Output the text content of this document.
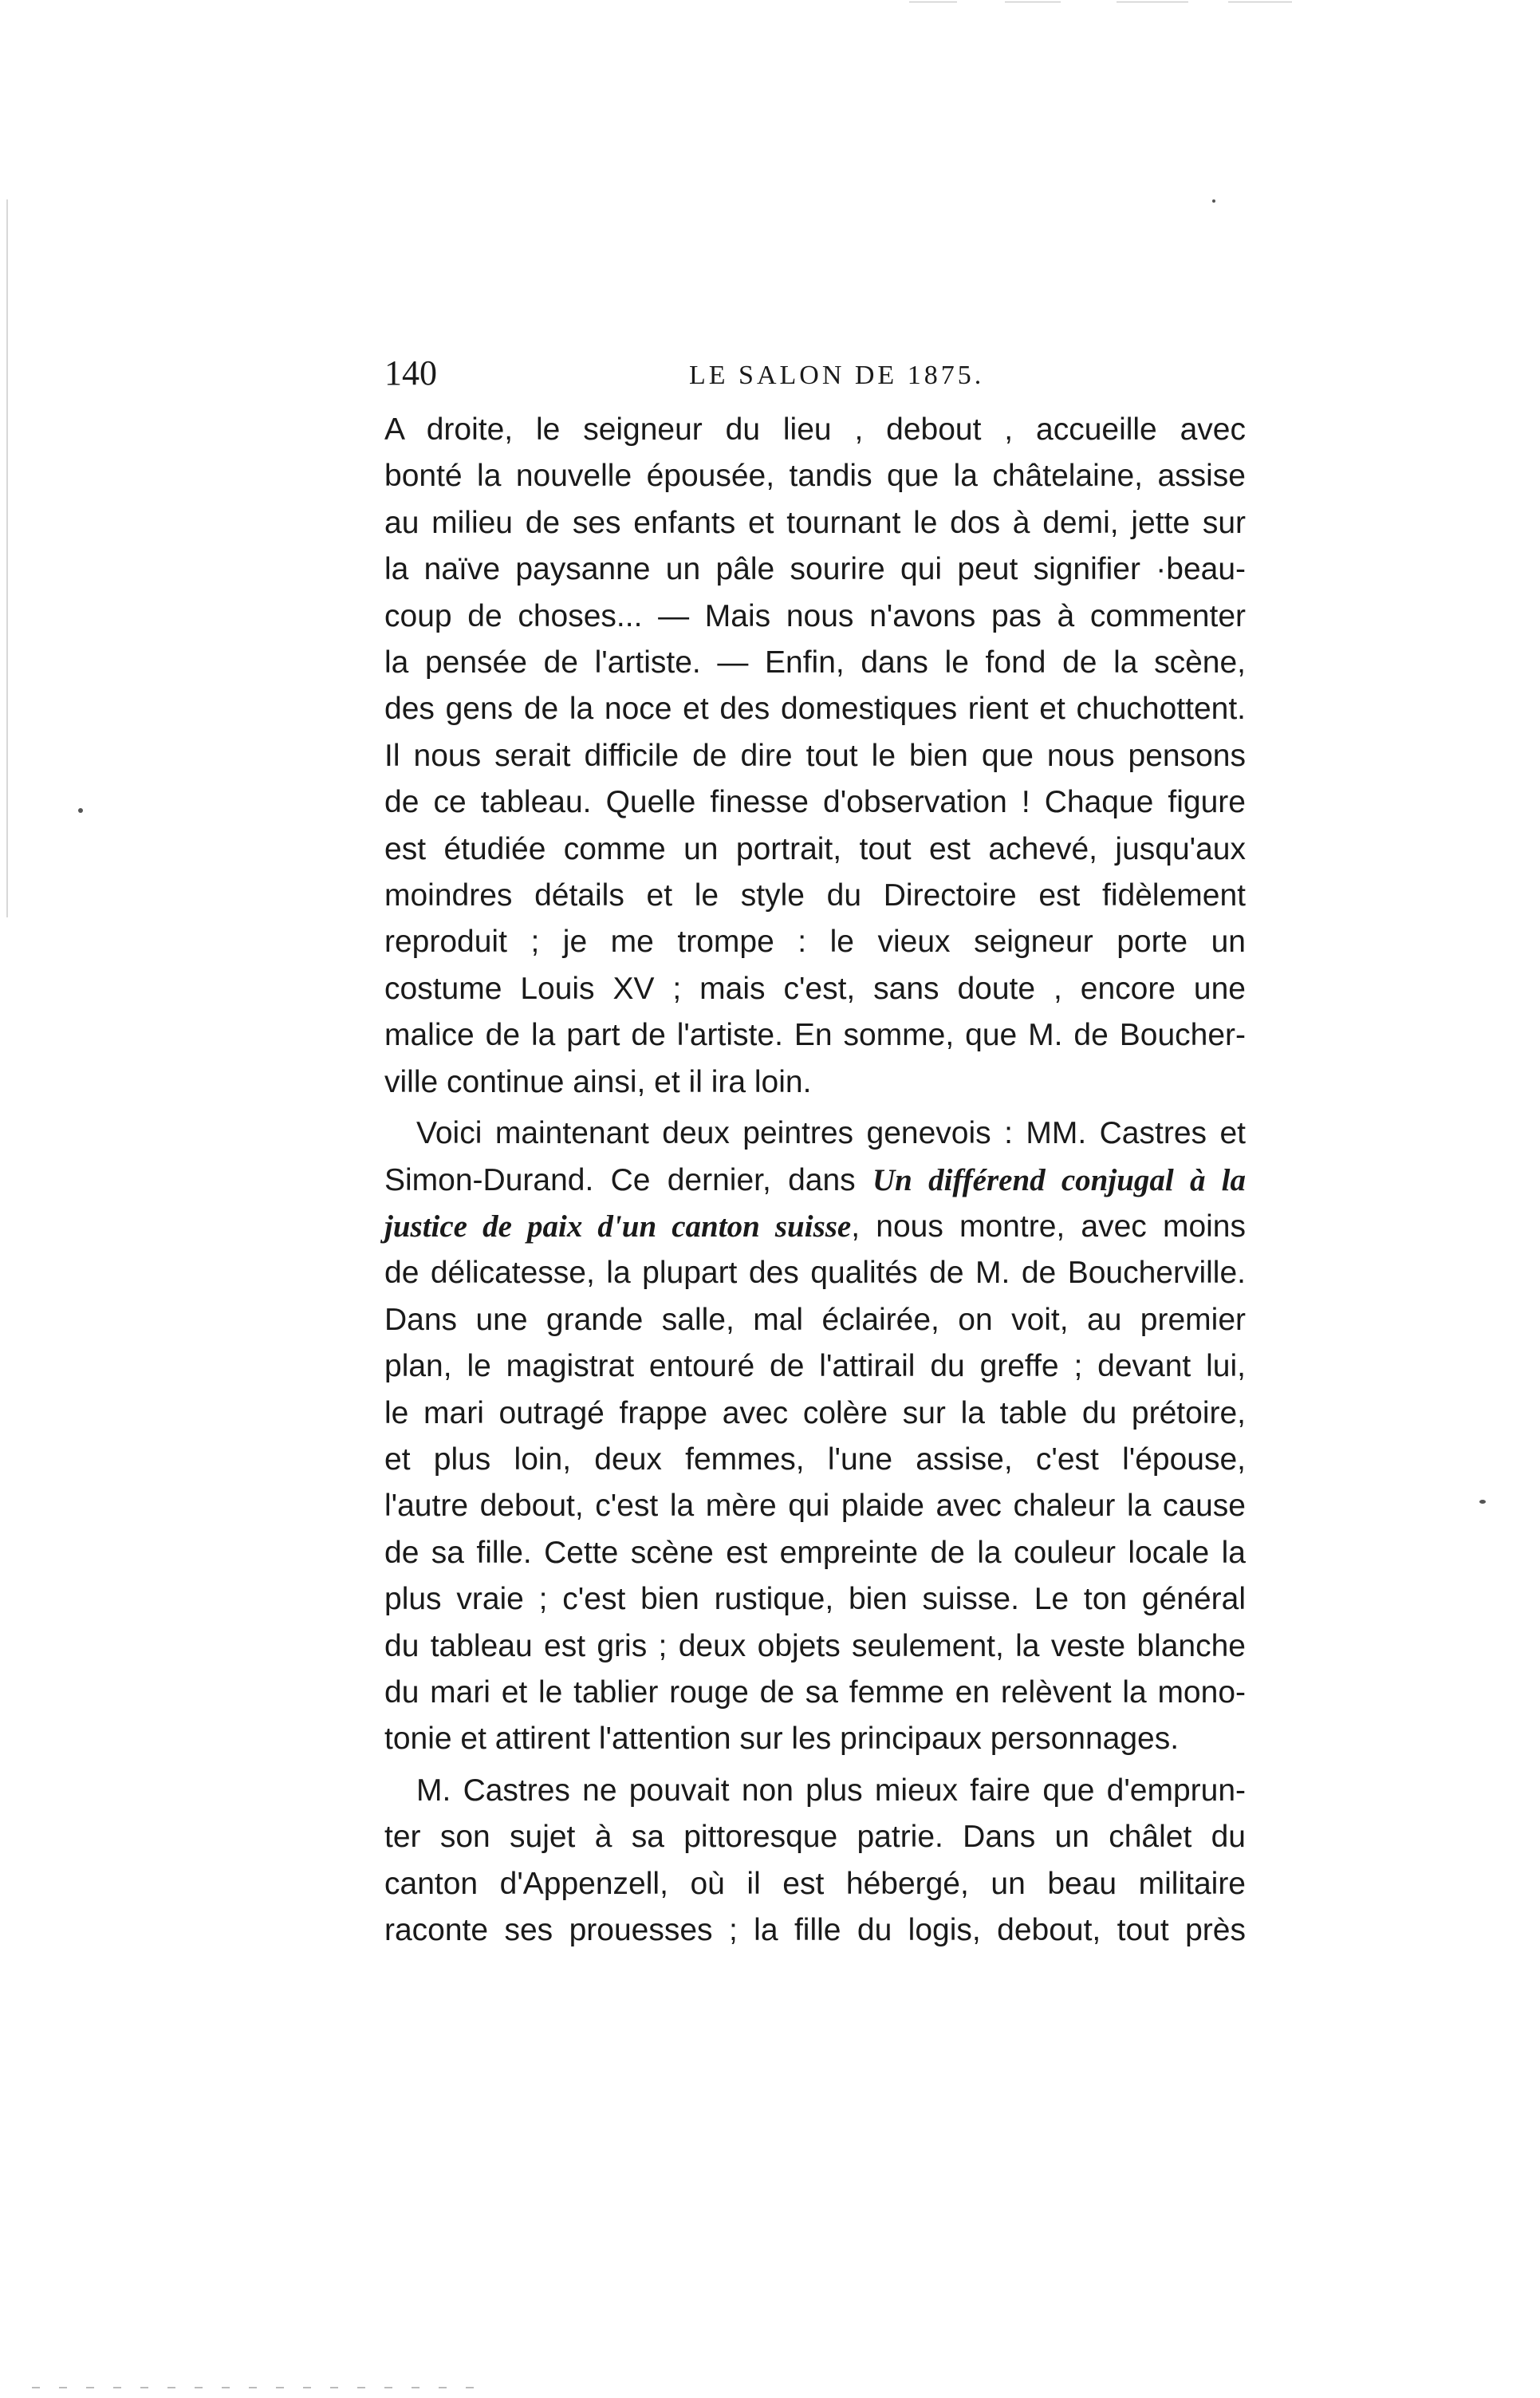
140	LE SALON DE 1875.

A droite, le seigneur du lieu , debout , accueille avec
bonté la nouvelle épousée, tandis que la châtelaine, assise
au milieu de ses enfants et tournant le dos à demi, jette sur
la naïve paysanne un pâle sourire qui peut signifier ·beau-
coup de choses... — Mais nous n'avons pas à commenter
la pensée de l'artiste. — Enfin, dans le fond de la scène,
des gens de la noce et des domestiques rient et chuchottent.
Il nous serait difficile de dire tout le bien que nous pensons
de ce tableau. Quelle finesse d'observation ! Chaque figure
est étudiée comme un portrait, tout est achevé, jusqu'aux
moindres détails et le style du Directoire est fidèlement
reproduit ; je me trompe : le vieux seigneur porte un
costume Louis XV ; mais c'est, sans doute , encore une
malice de la part de l'artiste. En somme, que M. de Boucher-
ville continue ainsi, et il ira loin.

Voici maintenant deux peintres genevois : MM. Castres et
Simon-Durand. Ce dernier, dans Un différend conjugal à la
justice de paix d'un canton suisse, nous montre, avec moins
de délicatesse, la plupart des qualités de M. de Boucherville.
Dans une grande salle, mal éclairée, on voit, au premier
plan, le magistrat entouré de l'attirail du greffe ; devant lui,
le mari outragé frappe avec colère sur la table du prétoire,
et plus loin, deux femmes, l'une assise, c'est l'épouse,
l'autre debout, c'est la mère qui plaide avec chaleur la cause
de sa fille. Cette scène est empreinte de la couleur locale la
plus vraie ; c'est bien rustique, bien suisse. Le ton général
du tableau est gris ; deux objets seulement, la veste blanche
du mari et le tablier rouge de sa femme en relèvent la mono-
tonie et attirent l'attention sur les principaux personnages.

M. Castres ne pouvait non plus mieux faire que d'emprun-
ter son sujet à sa pittoresque patrie. Dans un châlet du
canton d'Appenzell, où il est hébergé, un beau militaire
raconte ses prouesses ; la fille du logis, debout, tout près
